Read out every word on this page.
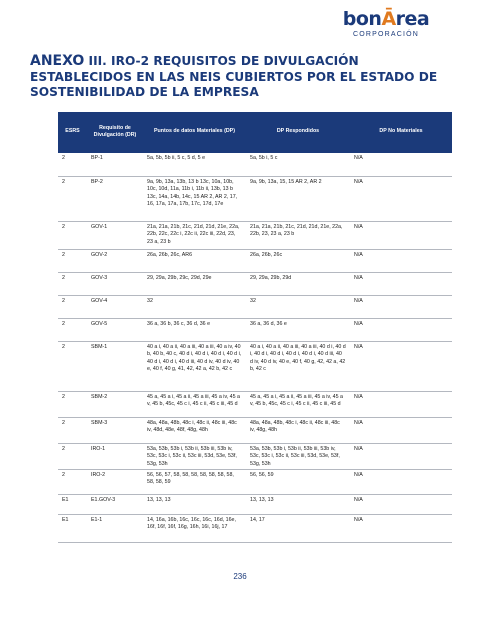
bonĀrea
CORPORACIÓN
ANEXO III. IRO-2 REQUISITOS DE DIVULGACIÓN ESTABLECIDOS EN LAS NEIS CUBIERTOS POR EL ESTADO DE SOSTENIBILIDAD DE LA EMPRESA
ESRS	Requisito de Divulgación (DR)	Puntos de datos Materiales (DP)	DP Respondidos	DP No Materiales
2	BP-1	5a, 5b, 5b ii, 5 c, 5 d, 5 e	5a, 5b i, 5 c	N/A
2	BP-2	9a, 9b, 13a, 13b, 13 b 13c, 10a, 10b, 10c, 10d, 11a, 11b i, 11b ii, 13b, 13 b 13c, 14a, 14b, 14c, 15 AR 2, AR 2, 17, 16, 17a, 17a, 17b, 17c, 17d, 17e	9a, 9b, 13a, 15, 15 AR 2, AR 2	N/A
2	GOV-1	21a, 21a, 21b, 21c, 21d, 21d, 21e, 22a, 22b, 22c, 22c i, 22c ii, 22c iii, 22d, 23, 23 a, 23 b	21a, 21a, 21b, 21c, 21d, 21d, 21e, 22a, 22b, 23, 23 a, 23 b	N/A
2	GOV-2	26a, 26b, 26c, AR6	26a, 26b, 26c	N/A
2	GOV-3	29, 29a, 29b, 29c, 29d, 29e	29, 29a, 29b, 29d	N/A
2	GOV-4	32	32	N/A
2	GOV-5	36 a, 36 b, 36 c, 36 d, 36 e	36 a, 36 d, 36 e	N/A
2	SBM-1	40 a i, 40 a ii, 40 a iii, 40 a iii, 40 a iv, 40 b, 40 b, 40 c, 40 d i, 40 d i, 40 d i, 40 d i, 40 d i, 40 d i, 40 d iii, 40 d iv, 40 d iv, 40 e, 40 f, 40 g, 41, 42, 42 a, 42 b, 42 c	40 a i, 40 a ii, 40 a iii, 40 a iii, 40 d i, 40 d i, 40 d i, 40 d i, 40 d i, 40 d i, 40 d iii, 40 d iv, 40 d iv, 40 e, 40 f, 40 g, 42, 42 a, 42 b, 42 c	N/A
2	SBM-2	45 a, 45 a i, 45 a ii, 45 a iii, 45 a iv, 45 a v, 45 b, 45c, 45 c i, 45 c ii, 45 c iii, 45 d	45 a, 45 a i, 45 a ii, 45 a iii, 45 a iv, 45 a v, 45 b, 45c, 45 c i, 45 c ii, 45 c iii, 45 d	N/A
2	SBM-3	48a, 48a, 48b, 48c i, 48c ii, 48c iii, 48c iv, 48d, 48e, 48f, 48g, 48h	48a, 48a, 48b, 48c i, 48c ii, 48c iii, 48c iv, 48g, 48h	N/A
2	IRO-1	53a, 53b, 53b i, 53b ii, 53b iii, 53b iv, 53c, 53c i, 53c ii, 53c iii, 53d, 53e, 53f, 53g, 53h	53a, 53b, 53b i, 53b ii, 53b iii, 53b iv, 53c, 53c i, 53c ii, 53c iii, 53d, 53e, 53f, 53g, 53h	N/A
2	IRO-2	56, 56, 57, 58, 58, 58, 58, 58, 58, 58, 58, 58, 59	56, 56, 59	N/A
E1	E1.GOV-3	13, 13, 13	13, 13, 13	N/A
E1	E1-1	14, 16a, 16b, 16c, 16c, 16c, 16d, 16e, 16f, 16f, 16f, 16g, 16h, 16i, 16j, 17	14, 17	N/A
236
